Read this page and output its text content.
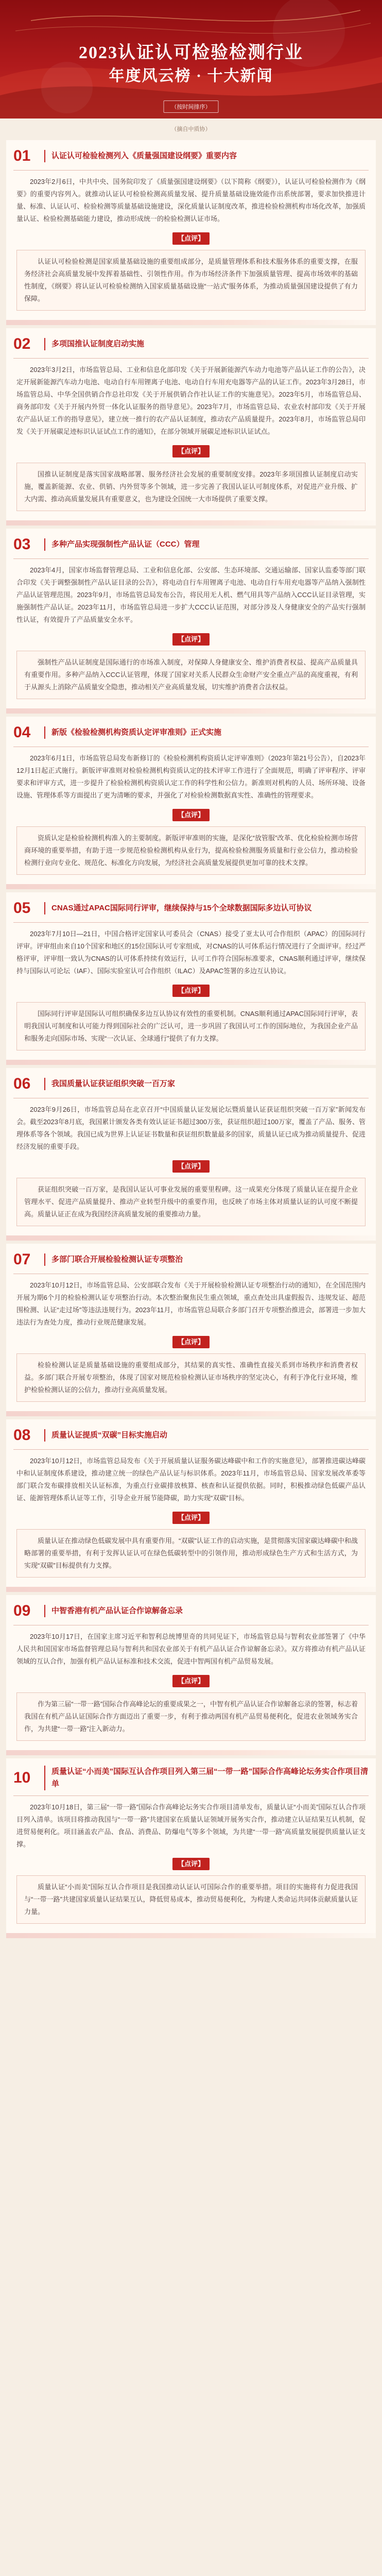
2023认证认可检验检测行业
年度风云榜 · 十大新闻
（按时间排序）
（摘自中质协）
01	认证认可检验检测列入《质量强国建设纲要》重要内容

2023年2月6日，中共中央、国务院印发了《质量强国建设纲要》（以下简称《纲要》），认证认可检验检测作为《纲要》的重要内容列入。就推动认证认可检验检测高质量发展、提升质量基础设施效能作出系统部署，要求加快推进计量、标准、认证认可、检验检测等质量基础设施建设，深化质量认证制度改革，推进检验检测机构市场化改革，加强质量认证、检验检测基础能力建设，推动形成统一的检验检测认证市场。

【点评】

认证认可检验检测是国家质量基础设施的重要组成部分，是质量管理体系和技术服务体系的重要支撑，在服务经济社会高质量发展中发挥着基础性、引领性作用。作为市场经济条件下加强质量管理、提高市场效率的基础性制度，《纲要》将认证认可检验检测纳入国家质量基础设施“一站式”服务体系，为推动质量强国建设提供了有力保障。

02	多项国推认证制度启动实施

2023年3月2日，市场监管总局、工业和信息化部印发《关于开展新能源汽车动力电池等产品认证工作的公告》，决定开展新能源汽车动力电池、电动自行车用锂离子电池、电动自行车用充电器等产品的认证工作。2023年3月28日，市场监管总局、中华全国供销合作总社印发《关于开展供销合作社认证工作的实施意见》。2023年5月，市场监管总局、商务部印发《关于开展内外贸一体化认证服务的指导意见》。2023年7月，市场监管总局、农业农村部印发《关于开展农产品认证工作的指导意见》，建立统一推行的农产品认证制度，推动农产品质量提升。2023年8月，市场监管总局印发《关于开展碳足迹标识认证试点工作的通知》，在部分领域开展碳足迹标识认证试点。

【点评】

国推认证制度是落实国家战略部署、服务经济社会发展的重要制度安排。2023年多项国推认证制度启动实施，覆盖新能源、农业、供销、内外贸等多个领域，进一步完善了我国认证认可制度体系，对促进产业升级、扩大内需、推动高质量发展具有重要意义，也为建设全国统一大市场提供了重要支撑。

03	多种产品实现强制性产品认证（CCC）管理

2023年4月，国家市场监督管理总局、工业和信息化部、公安部、生态环境部、交通运输部、国家认监委等部门联合印发《关于调整强制性产品认证目录的公告》，将电动自行车用锂离子电池、电动自行车用充电器等产品纳入强制性产品认证管理范围。2023年9月，市场监管总局发布公告，将民用无人机、燃气用具等产品纳入CCC认证目录管理，实施强制性产品认证。2023年11月，市场监管总局进一步扩大CCC认证范围，对部分涉及人身健康安全的产品实行强制性认证，有效提升了产品质量安全水平。

【点评】

强制性产品认证制度是国际通行的市场准入制度，对保障人身健康安全、维护消费者权益、提高产品质量具有重要作用。多种产品纳入CCC认证管理，体现了国家对关系人民群众生命财产安全重点产品的高度重视，有利于从源头上消除产品质量安全隐患，推动相关产业高质量发展，切实维护消费者合法权益。

04	新版《检验检测机构资质认定评审准则》正式实施

2023年6月1日，市场监管总局发布新修订的《检验检测机构资质认定评审准则》（2023年第21号公告），自2023年12月1日起正式施行。新版评审准则对检验检测机构资质认定的技术评审工作进行了全面规范，明确了评审程序、评审要求和评审方式，进一步提升了检验检测机构资质认定工作的科学性和公信力。新准则对机构的人员、场所环境、设备设施、管理体系等方面提出了更为清晰的要求，并强化了对检验检测数据真实性、准确性的管理要求。

【点评】

资质认定是检验检测机构准入的主要制度。新版评审准则的实施，是深化“放管服”改革、优化检验检测市场营商环境的重要举措，有助于进一步规范检验检测机构从业行为，提高检验检测服务质量和行业公信力，推动检验检测行业向专业化、规范化、标准化方向发展，为经济社会高质量发展提供更加可靠的技术支撑。

05	CNAS通过APAC国际同行评审，继续保持与15个全球数据国际多边认可协议

2023年7月10日—21日，中国合格评定国家认可委员会（CNAS）接受了亚太认可合作组织（APAC）的国际同行评审。评审组由来自10个国家和地区的15位国际认可专家组成，对CNAS的认可体系运行情况进行了全面评审。经过严格评审，评审组一致认为CNAS的认可体系持续有效运行，认可工作符合国际标准要求，CNAS顺利通过评审，继续保持与国际认可论坛（IAF）、国际实验室认可合作组织（ILAC）及APAC签署的多边互认协议。

【点评】

国际同行评审是国际认可组织确保多边互认协议有效性的重要机制。CNAS顺利通过APAC国际同行评审，表明我国认可制度和认可能力得到国际社会的广泛认可，进一步巩固了我国认可工作的国际地位，为我国企业产品和服务走向国际市场、实现“一次认证、全球通行”提供了有力支撑。

06	我国质量认证获证组织突破一百万家

2023年9月26日，市场监管总局在北京召开“中国质量认证发展论坛暨质量认证获证组织突破一百万家”新闻发布会。截至2023年8月底，我国累计颁发各类有效认证证书超过300万张，获证组织超过100万家，覆盖了产品、服务、管理体系等各个领域。我国已成为世界上认证证书数量和获证组织数量最多的国家，质量认证已成为推动质量提升、促进经济发展的重要手段。

【点评】

获证组织突破一百万家，是我国认证认可事业发展的重要里程碑。这一成果充分体现了质量认证在提升企业管理水平、促进产品质量提升、推动产业转型升级中的重要作用，也反映了市场主体对质量认证的认可度不断提高。质量认证正在成为我国经济高质量发展的重要推动力量。

07	多部门联合开展检验检测认证专项整治

2023年10月12日，市场监管总局、公安部联合发布《关于开展检验检测认证专项整治行动的通知》，在全国范围内开展为期6个月的检验检测认证专项整治行动。本次整治聚焦民生重点领域，重点查处出具虚假报告、违规发证、超范围检测、认证“走过场”等违法违规行为。2023年11月，市场监管总局联合多部门召开专项整治推进会，部署进一步加大违法行为查处力度，推动行业规范健康发展。

【点评】

检验检测认证是质量基础设施的重要组成部分，其结果的真实性、准确性直接关系到市场秩序和消费者权益。多部门联合开展专项整治，体现了国家对规范检验检测认证市场秩序的坚定决心，有利于净化行业环境，维护检验检测认证的公信力，推动行业高质量发展。

08	质量认证提质“双碳”目标实施启动

2023年10月12日，市场监管总局发布《关于开展质量认证服务碳达峰碳中和工作的实施意见》，部署推进碳达峰碳中和认证制度体系建设，推动建立统一的绿色产品认证与标识体系。2023年11月，市场监管总局、国家发展改革委等部门联合发布碳排放相关认证标准，为重点行业碳排放核算、核查和认证提供依据。同时，积极推动绿色低碳产品认证、能源管理体系认证等工作，引导企业开展节能降碳，助力实现“双碳”目标。

【点评】

质量认证在推动绿色低碳发展中具有重要作用。“双碳”认证工作的启动实施，是贯彻落实国家碳达峰碳中和战略部署的重要举措，有利于发挥认证认可在绿色低碳转型中的引领作用，推动形成绿色生产方式和生活方式，为实现“双碳”目标提供有力支撑。

09	中智香港有机产品认证合作谅解备忘录

2023年10月17日，在国家主席习近平和智利总统博里奇的共同见证下，市场监管总局与智利农业部签署了《中华人民共和国国家市场监督管理总局与智利共和国农业部关于有机产品认证合作谅解备忘录》。双方将推动有机产品认证领域的互认合作，加强有机产品认证标准和技术交流，促进中智两国有机产品贸易发展。

【点评】

作为第三届“一带一路”国际合作高峰论坛的重要成果之一，中智有机产品认证合作谅解备忘录的签署，标志着我国在有机产品认证国际合作方面迈出了重要一步，有利于推动两国有机产品贸易便利化，促进农业领域务实合作，为共建“一带一路”注入新动力。

10	质量认证“小而美”国际互认合作项目列入第三届“一带一路”国际合作高峰论坛务实合作项目清单

2023年10月18日，第三届“一带一路”国际合作高峰论坛务实合作项目清单发布，质量认证“小而美”国际互认合作项目列入清单。该项目将推动我国与“一带一路”共建国家在质量认证领域开展务实合作，推动建立认证结果互认机制，促进贸易便利化。项目涵盖农产品、食品、消费品、防爆电气等多个领域，为共建“一带一路”高质量发展提供质量认证支撑。

【点评】

质量认证“小而美”国际互认合作项目是我国推动认证认可国际合作的重要举措。项目的实施将有力促进我国与“一带一路”共建国家质量认证结果互认，降低贸易成本，推动贸易便利化，为构建人类命运共同体贡献质量认证力量。
